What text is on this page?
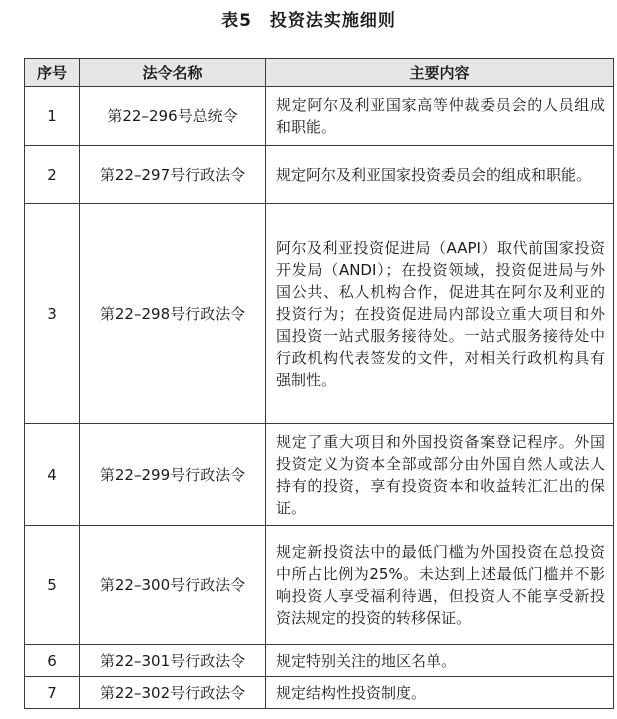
表5　投资法实施细则
序号	法令名称	主要内容
1	第22–296号总统令	规定阿尔及利亚国家高等仲裁委员会的人员组成和职能。
2	第22–297号行政法令	规定阿尔及利亚国家投资委员会的组成和职能。
3	第22–298号行政法令	阿尔及利亚投资促进局（AAPI）取代前国家投资开发局（ANDI）；在投资领域，投资促进局与外国公共、私人机构合作，促进其在阿尔及利亚的投资行为；在投资促进局内部设立重大项目和外国投资一站式服务接待处。一站式服务接待处中行政机构代表签发的文件，对相关行政机构具有强制性。
4	第22–299号行政法令	规定了重大项目和外国投资备案登记程序。外国投资定义为资本全部或部分由外国自然人或法人持有的投资，享有投资资本和收益转汇汇出的保证。
5	第22–300号行政法令	规定新投资法中的最低门槛为外国投资在总投资中所占比例为25%。未达到上述最低门槛并不影响投资人享受福利待遇，但投资人不能享受新投资法规定的投资的转移保证。
6	第22–301号行政法令	规定特别关注的地区名单。
7	第22–302号行政法令	规定结构性投资制度。
